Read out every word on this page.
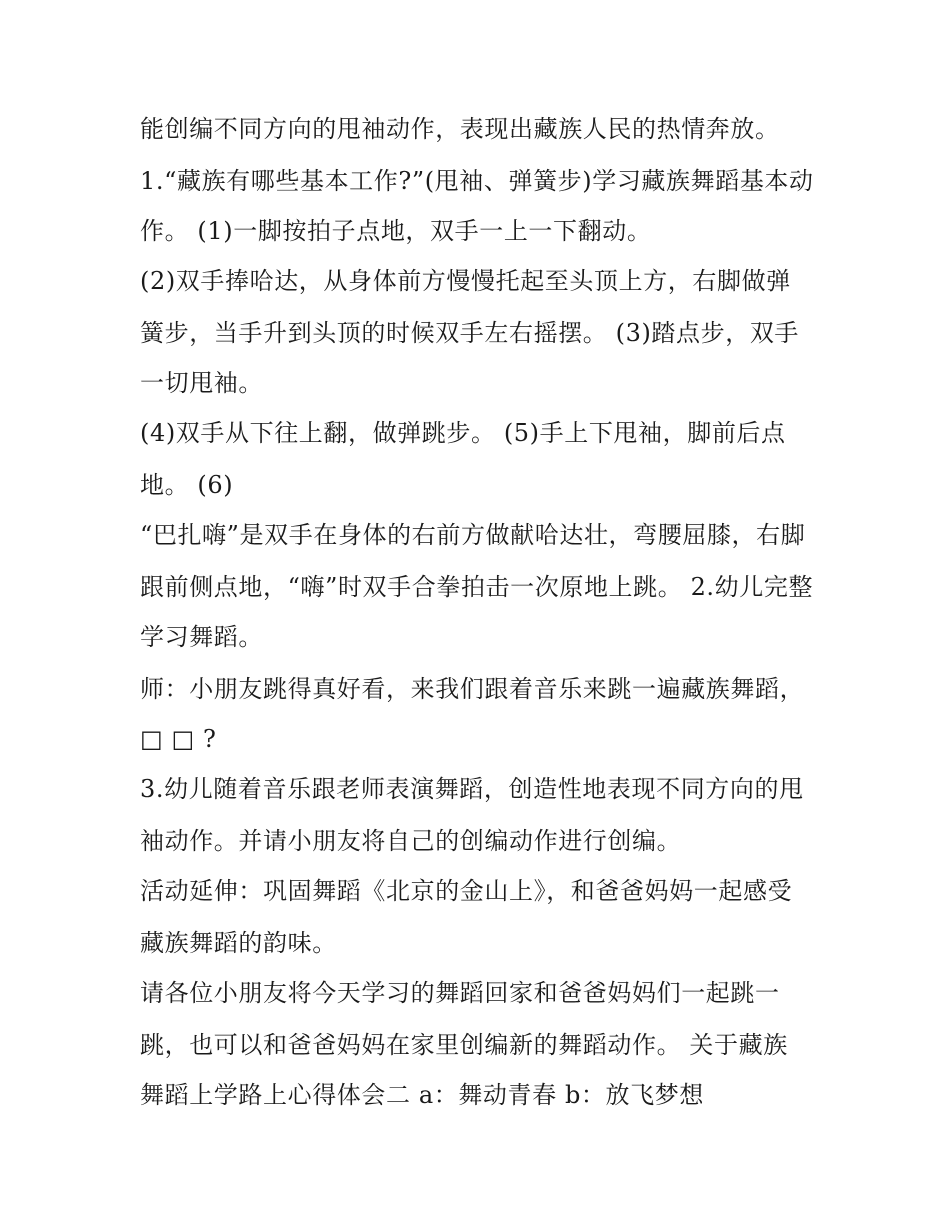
能创编不同方向的甩袖动作，表现出藏族人民的热情奔放。
1.“藏族有哪些基本工作?”(甩袖、弹簧步)学习藏族舞蹈基本动
作。 (1)一脚按拍子点地，双手一上一下翻动。
(2)双手捧哈达，从身体前方慢慢托起至头顶上方，右脚做弹
簧步，当手升到头顶的时候双手左右摇摆。 (3)踏点步，双手
一切甩袖。
(4)双手从下往上翻，做弹跳步。 (5)手上下甩袖，脚前后点
地。 (6)
“巴扎嗨”是双手在身体的右前方做献哈达壮，弯腰屈膝，右脚
跟前侧点地，“嗨”时双手合拳拍击一次原地上跳。 2.幼儿完整
学习舞蹈。
师：小朋友跳得真好看，来我们跟着音乐来跳一遍藏族舞蹈，
□ □ ?
3.幼儿随着音乐跟老师表演舞蹈，创造性地表现不同方向的甩
袖动作。并请小朋友将自己的创编动作进行创编。
活动延伸：巩固舞蹈《北京的金山上》，和爸爸妈妈一起感受
藏族舞蹈的韵味。
请各位小朋友将今天学习的舞蹈回家和爸爸妈妈们一起跳一
跳，也可以和爸爸妈妈在家里创编新的舞蹈动作。 关于藏族
舞蹈上学路上心得体会二 a：舞动青春 b：放飞梦想
